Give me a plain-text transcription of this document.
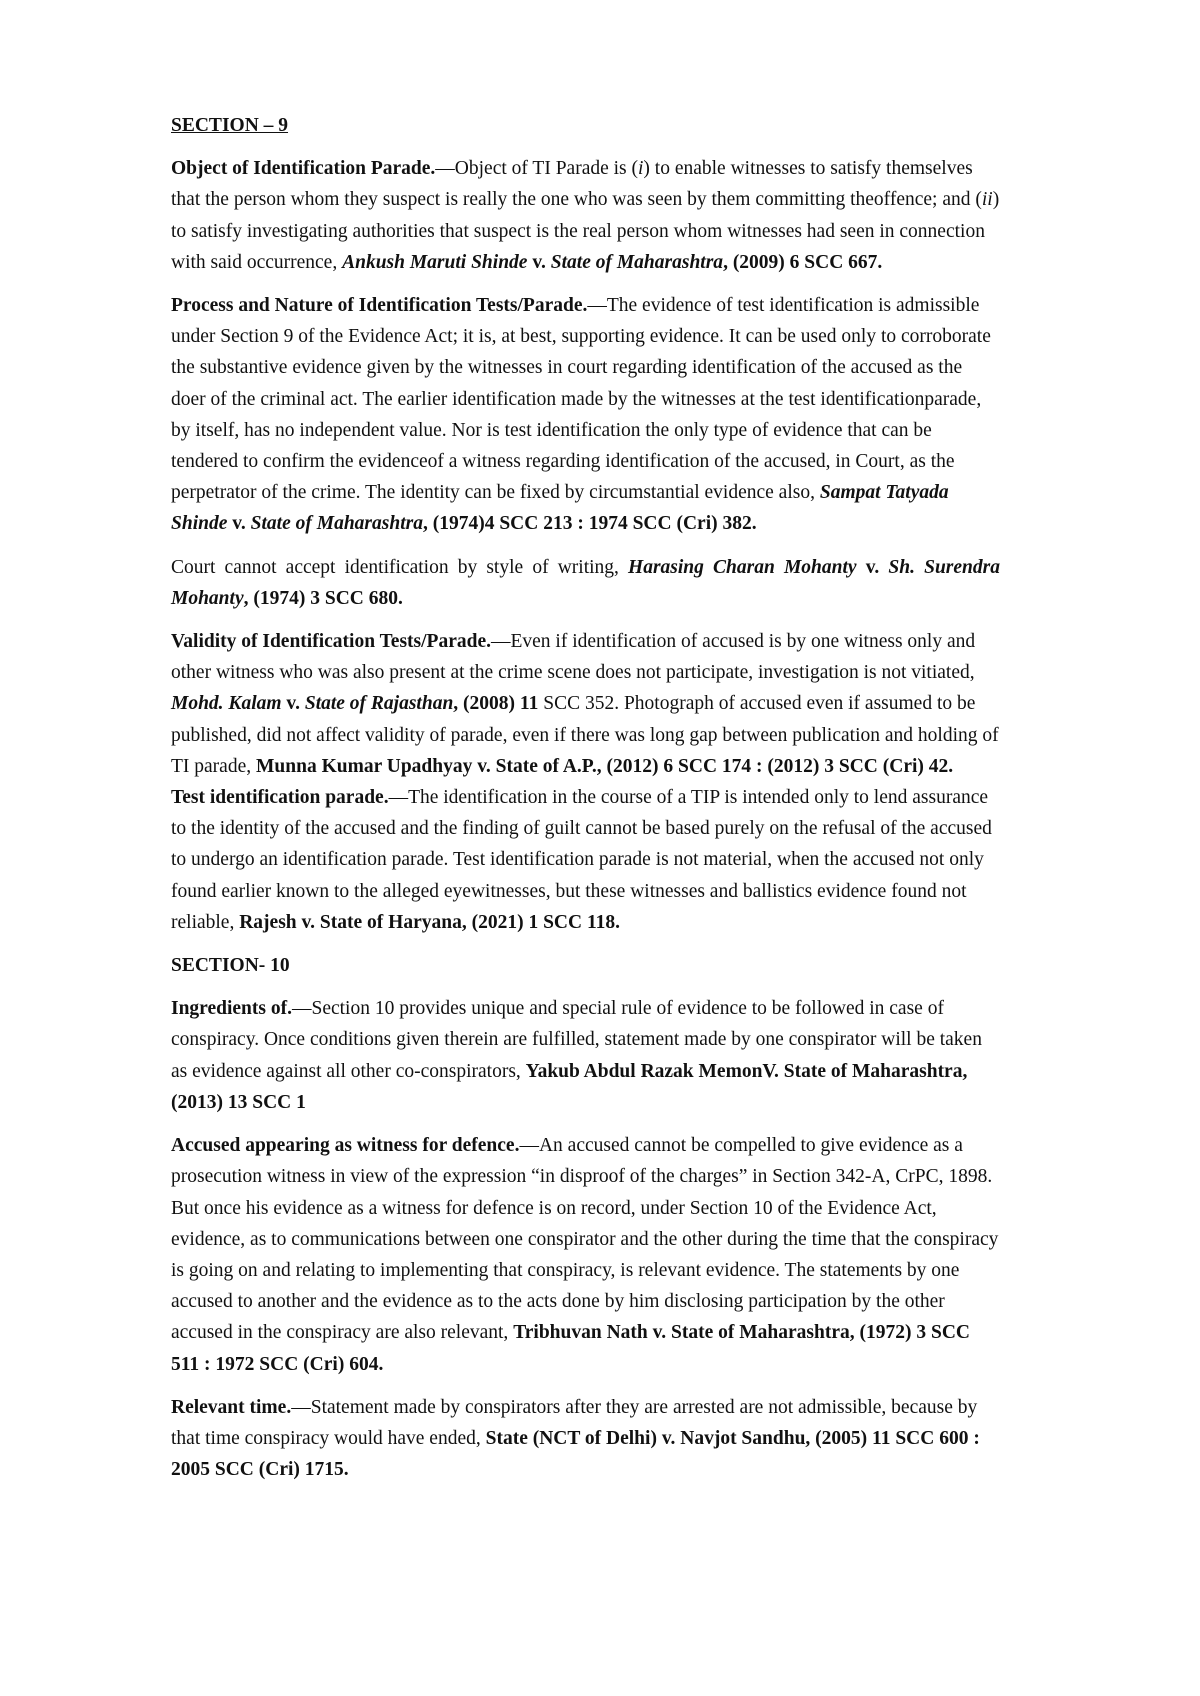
SECTION – 9

Object of Identification Parade.—Object of TI Parade is (i) to enable witnesses to satisfy themselves that the person whom they suspect is really the one who was seen by them committing theoffence; and (ii) to satisfy investigating authorities that suspect is the real person whom witnesses had seen in connection with said occurrence, Ankush Maruti Shinde v. State of Maharashtra, (2009) 6 SCC 667.

Process and Nature of Identification Tests/Parade.—The evidence of test identification is admissible under Section 9 of the Evidence Act; it is, at best, supporting evidence. It can be used only to corroborate the substantive evidence given by the witnesses in court regarding identification of the accused as the doer of the criminal act. The earlier identification made by the witnesses at the test identificationparade, by itself, has no independent value. Nor is test identification the only type of evidence that can be tendered to confirm the evidenceof a witness regarding identification of the accused, in Court, as the perpetrator of the crime. The identity can be fixed by circumstantial evidence also, Sampat Tatyada Shinde v. State of Maharashtra, (1974)4 SCC 213 : 1974 SCC (Cri) 382.

Court cannot accept identification by style of writing, Harasing Charan Mohanty v. Sh. Surendra Mohanty, (1974) 3 SCC 680.

Validity of Identification Tests/Parade.—Even if identification of accused is by one witness only and other witness who was also present at the crime scene does not participate, investigation is not vitiated, Mohd. Kalam v. State of Rajasthan, (2008) 11 SCC 352. Photograph of accused even if assumed to be published, did not affect validity of parade, even if there was long gap between publication and holding of TI parade, Munna Kumar Upadhyay v. State of A.P., (2012) 6 SCC 174 : (2012) 3 SCC (Cri) 42.

Test identification parade.—The identification in the course of a TIP is intended only to lend assurance to the identity of the accused and the finding of guilt cannot be based purely on the refusal of the accused to undergo an identification parade. Test identification parade is not material, when the accused not only found earlier known to the alleged eyewitnesses, but these witnesses and ballistics evidence found not reliable, Rajesh v. State of Haryana, (2021) 1 SCC 118.

SECTION- 10

Ingredients of.—Section 10 provides unique and special rule of evidence to be followed in case of conspiracy. Once conditions given therein are fulfilled, statement made by one conspirator will be taken as evidence against all other co-conspirators, Yakub Abdul Razak MemonV. State of Maharashtra, (2013) 13 SCC 1

Accused appearing as witness for defence.—An accused cannot be compelled to give evidence as a prosecution witness in view of the expression “in disproof of the charges” in Section 342-A, CrPC, 1898. But once his evidence as a witness for defence is on record, under Section 10 of the Evidence Act, evidence, as to communications between one conspirator and the other during the time that the conspiracy is going on and relating to implementing that conspiracy, is relevant evidence. The statements by one accused to another and the evidence as to the acts done by him disclosing participation by the other accused in the conspiracy are also relevant, Tribhuvan Nath v. State of Maharashtra, (1972) 3 SCC 511 : 1972 SCC (Cri) 604.

Relevant time.—Statement made by conspirators after they are arrested are not admissible, because by that time conspiracy would have ended, State (NCT of Delhi) v. Navjot Sandhu, (2005) 11 SCC 600 : 2005 SCC (Cri) 1715.
